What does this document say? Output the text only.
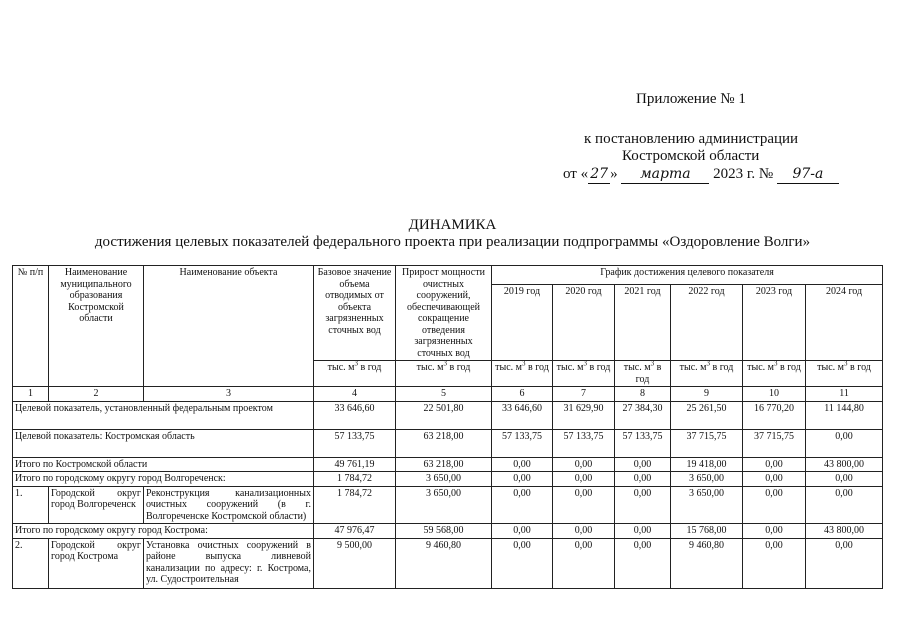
Приложение № 1
к постановлению администрации
Костромской области
от « 27 » марта 2023 г. № 97-а
ДИНАМИКА
достижения целевых показателей федерального проекта при реализации подпрограммы «Оздоровление Волги»
№ п/п	Наименование муниципального образования Костромской области	Наименование объекта	Базовое значение объема отводимых от объекта загрязненных сточных вод	Прирост мощности очистных сооружений, обеспечивающей сокращение отведения загрязненных сточных вод	График достижения целевого показателя					
					2019 год	2020 год	2021 год	2022 год	2023 год	2024 год
			тыс. $м^3$ в год	тыс. $м^3$ в год	тыс. $м^3$ в год	тыс. $м^3$ в год	тыс. $м^3$ в год	тыс. $м^3$ в год	тыс. $м^3$ в год	тыс. $м^3$ в год
1	2	3	4	5	6	7	8	9	10	11
Целевой показатель, установленный федеральным проектом			33 646,60	22 501,80	33 646,60	31 629,90	27 384,30	25 261,50	16 770,20	11 144,80
Целевой показатель: Костромская область			57 133,75	63 218,00	57 133,75	57 133,75	57 133,75	37 715,75	37 715,75	0,00
Итого по Костромской области			49 761,19	63 218,00	0,00	0,00	0,00	19 418,00	0,00	43 800,00
Итого по городскому округу город Волгореченск:			1 784,72	3 650,00	0,00	0,00	0,00	3 650,00	0,00	0,00
1.	Городской округ город Волгореченск	Реконструкция канализационных очистных сооружений (в г. Волгореченске Костромской области)	1 784,72	3 650,00	0,00	0,00	0,00	3 650,00	0,00	0,00
Итого по городскому округу город Кострома:			47 976,47	59 568,00	0,00	0,00	0,00	15 768,00	0,00	43 800,00
2.	Городской округ город Кострома	Установка очистных сооружений в районе выпуска ливневой канализации по адресу: г. Кострома, ул. Судостроительная	9 500,00	9 460,80	0,00	0,00	0,00	9 460,80	0,00	0,00
